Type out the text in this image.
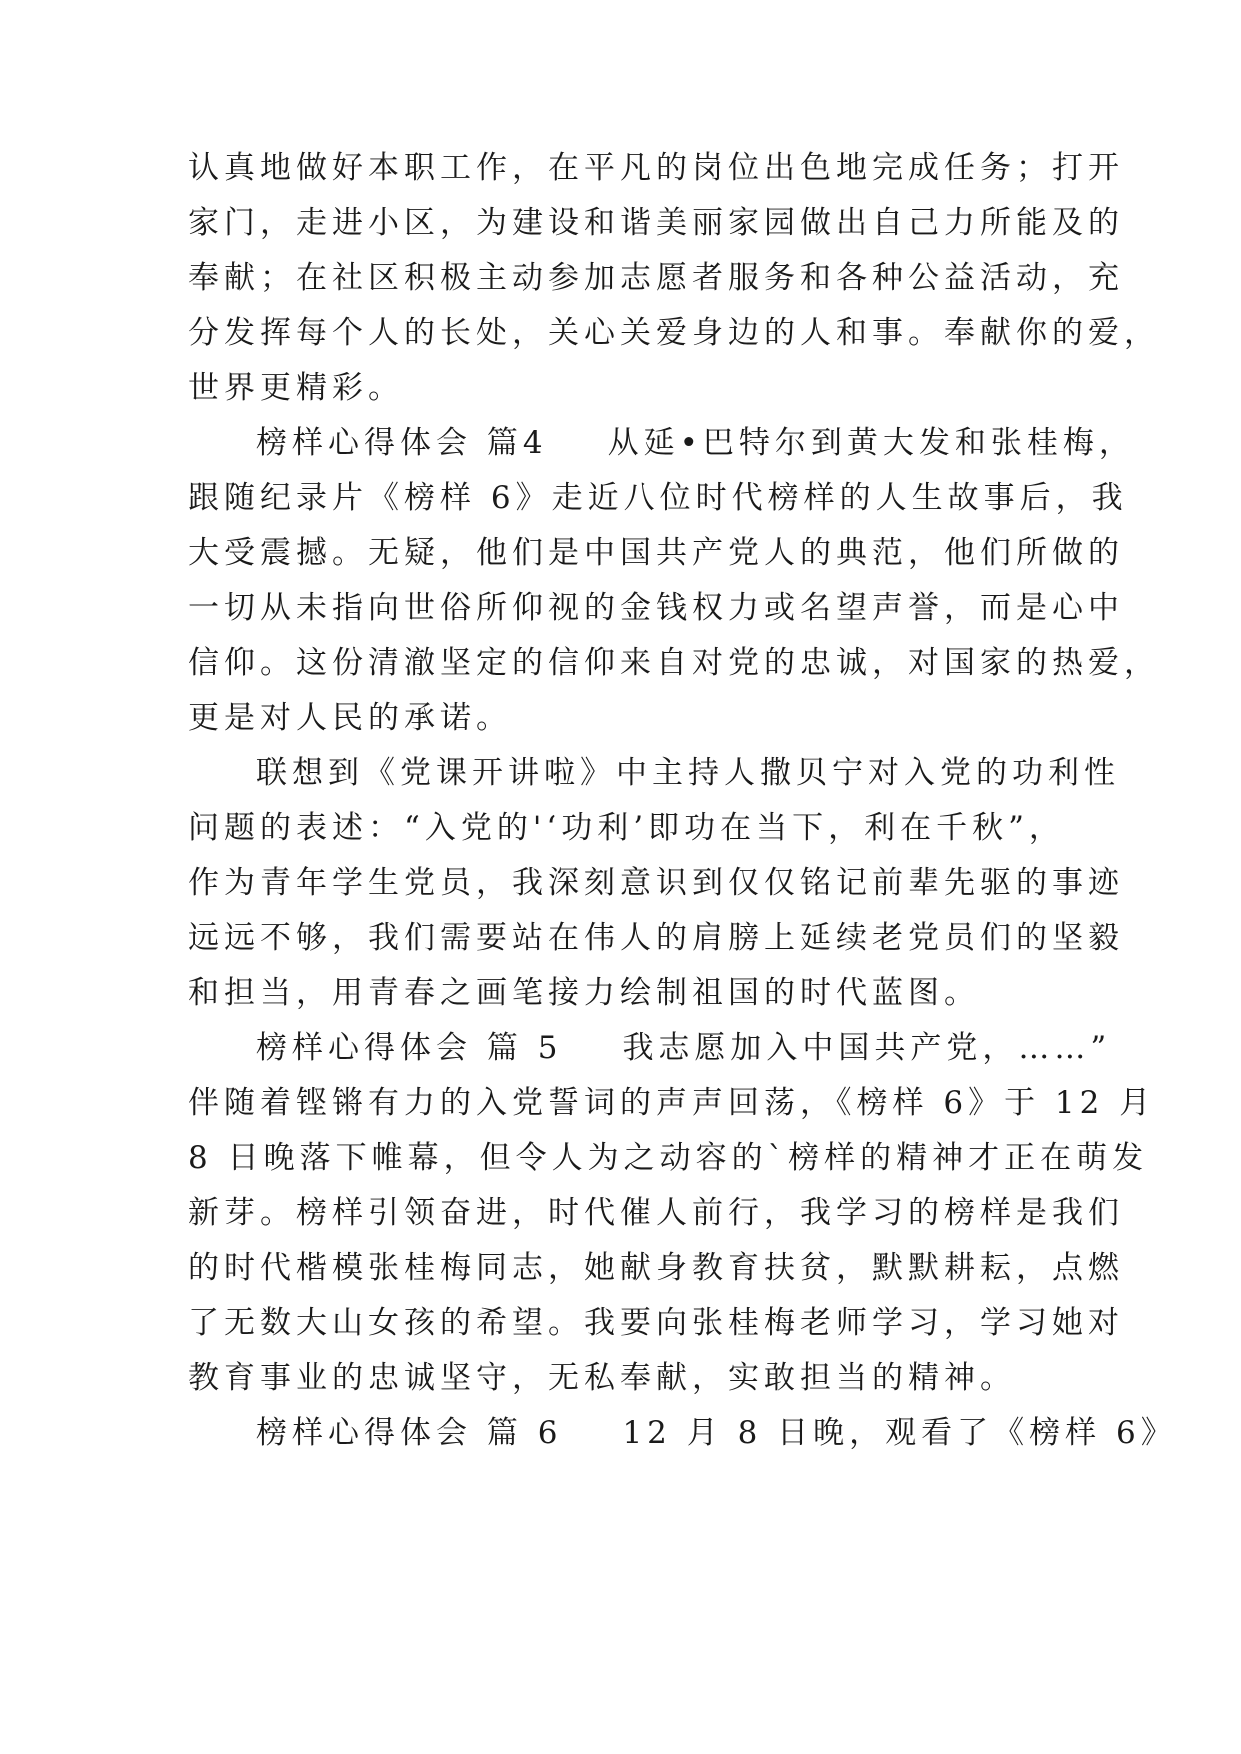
认真地做好本职工作，在平凡的岗位出色地完成任务；打开
家门，走进小区，为建设和谐美丽家园做出自己力所能及的
奉献；在社区积极主动参加志愿者服务和各种公益活动，充
分发挥每个人的长处，关心关爱身边的人和事。奉献你的爱，
世界更精彩。
榜样心得体会 篇4 从延•巴特尔到黄大发和张桂梅，
跟随纪录片《榜样 6》走近八位时代榜样的人生故事后，我
大受震撼。无疑，他们是中国共产党人的典范，他们所做的
一切从未指向世俗所仰视的金钱权力或名望声誉，而是心中
信仰。这份清澈坚定的信仰来自对党的忠诚，对国家的热爱，
更是对人民的承诺。
联想到《党课开讲啦》中主持人撒贝宁对入党的功利性
问题的表述：“入党的'‘功利’即功在当下，利在千秋”，
作为青年学生党员，我深刻意识到仅仅铭记前辈先驱的事迹
远远不够，我们需要站在伟人的肩膀上延续老党员们的坚毅
和担当，用青春之画笔接力绘制祖国的时代蓝图。
榜样心得体会 篇 5 我志愿加入中国共产党，……”
伴随着铿锵有力的入党誓词的声声回荡，《榜样 6》于 12 月
8 日晚落下帷幕，但令人为之动容的`榜样的精神才正在萌发
新芽。榜样引领奋进，时代催人前行，我学习的榜样是我们
的时代楷模张桂梅同志，她献身教育扶贫，默默耕耘，点燃
了无数大山女孩的希望。我要向张桂梅老师学习，学习她对
教育事业的忠诚坚守，无私奉献，实敢担当的精神。
榜样心得体会 篇 6 12 月 8 日晚，观看了《榜样 6》
